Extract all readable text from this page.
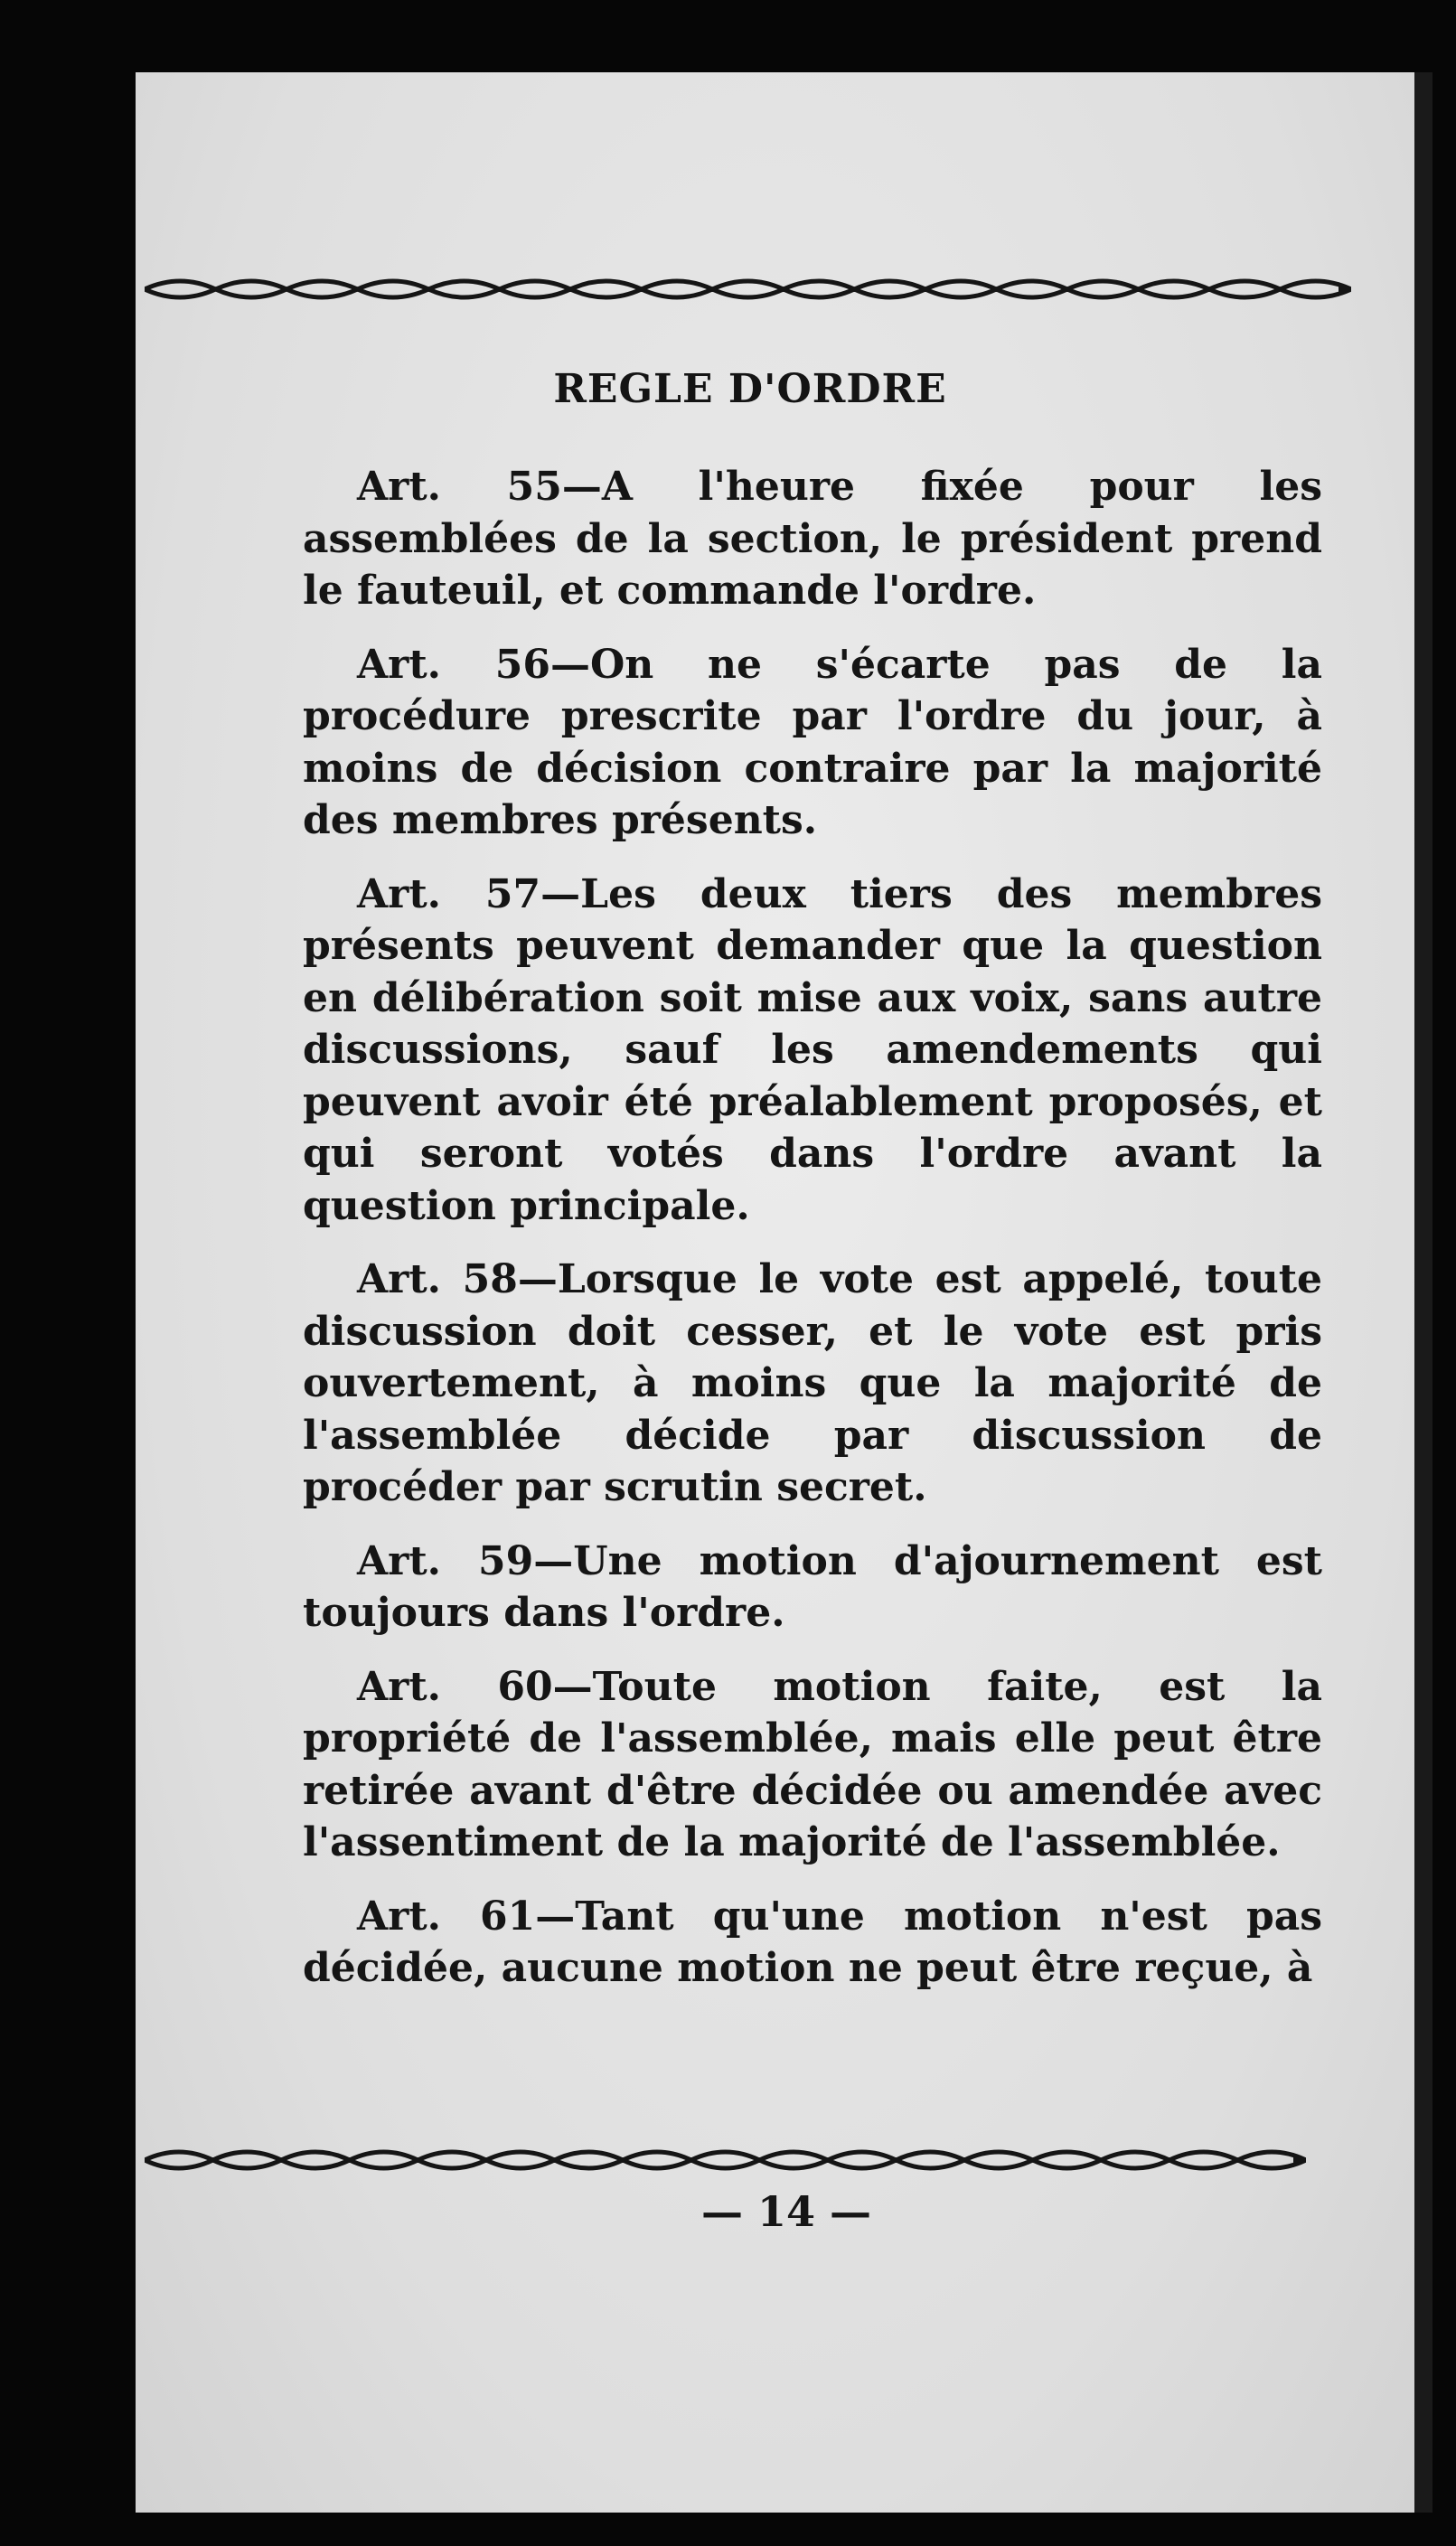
REGLE D'ORDRE

Art. 55—A l'heure fixée pour les assemblées de la section, le président prend le fauteuil, et commande l'ordre.

Art. 56—On ne s'écarte pas de la procédure prescrite par l'ordre du jour, à moins de décision contraire par la majorité des membres présents.

Art. 57—Les deux tiers des membres présents peuvent demander que la question en délibération soit mise aux voix, sans autre discussions, sauf les amendements qui peuvent avoir été préalablement proposés, et qui seront votés dans l'ordre avant la question principale.

Art. 58—Lorsque le vote est appelé, toute discussion doit cesser, et le vote est pris ouvertement, à moins que la majorité de l'assemblée décide par discussion de procéder par scrutin secret.

Art. 59—Une motion d'ajournement est toujours dans l'ordre.

Art. 60—Toute motion faite, est la propriété de l'assemblée, mais elle peut être retirée avant d'être décidée ou amendée avec l'assentiment de la majorité de l'assemblée.

Art. 61—Tant qu'une motion n'est pas décidée, aucune motion ne peut être reçue, à

— 14 —
